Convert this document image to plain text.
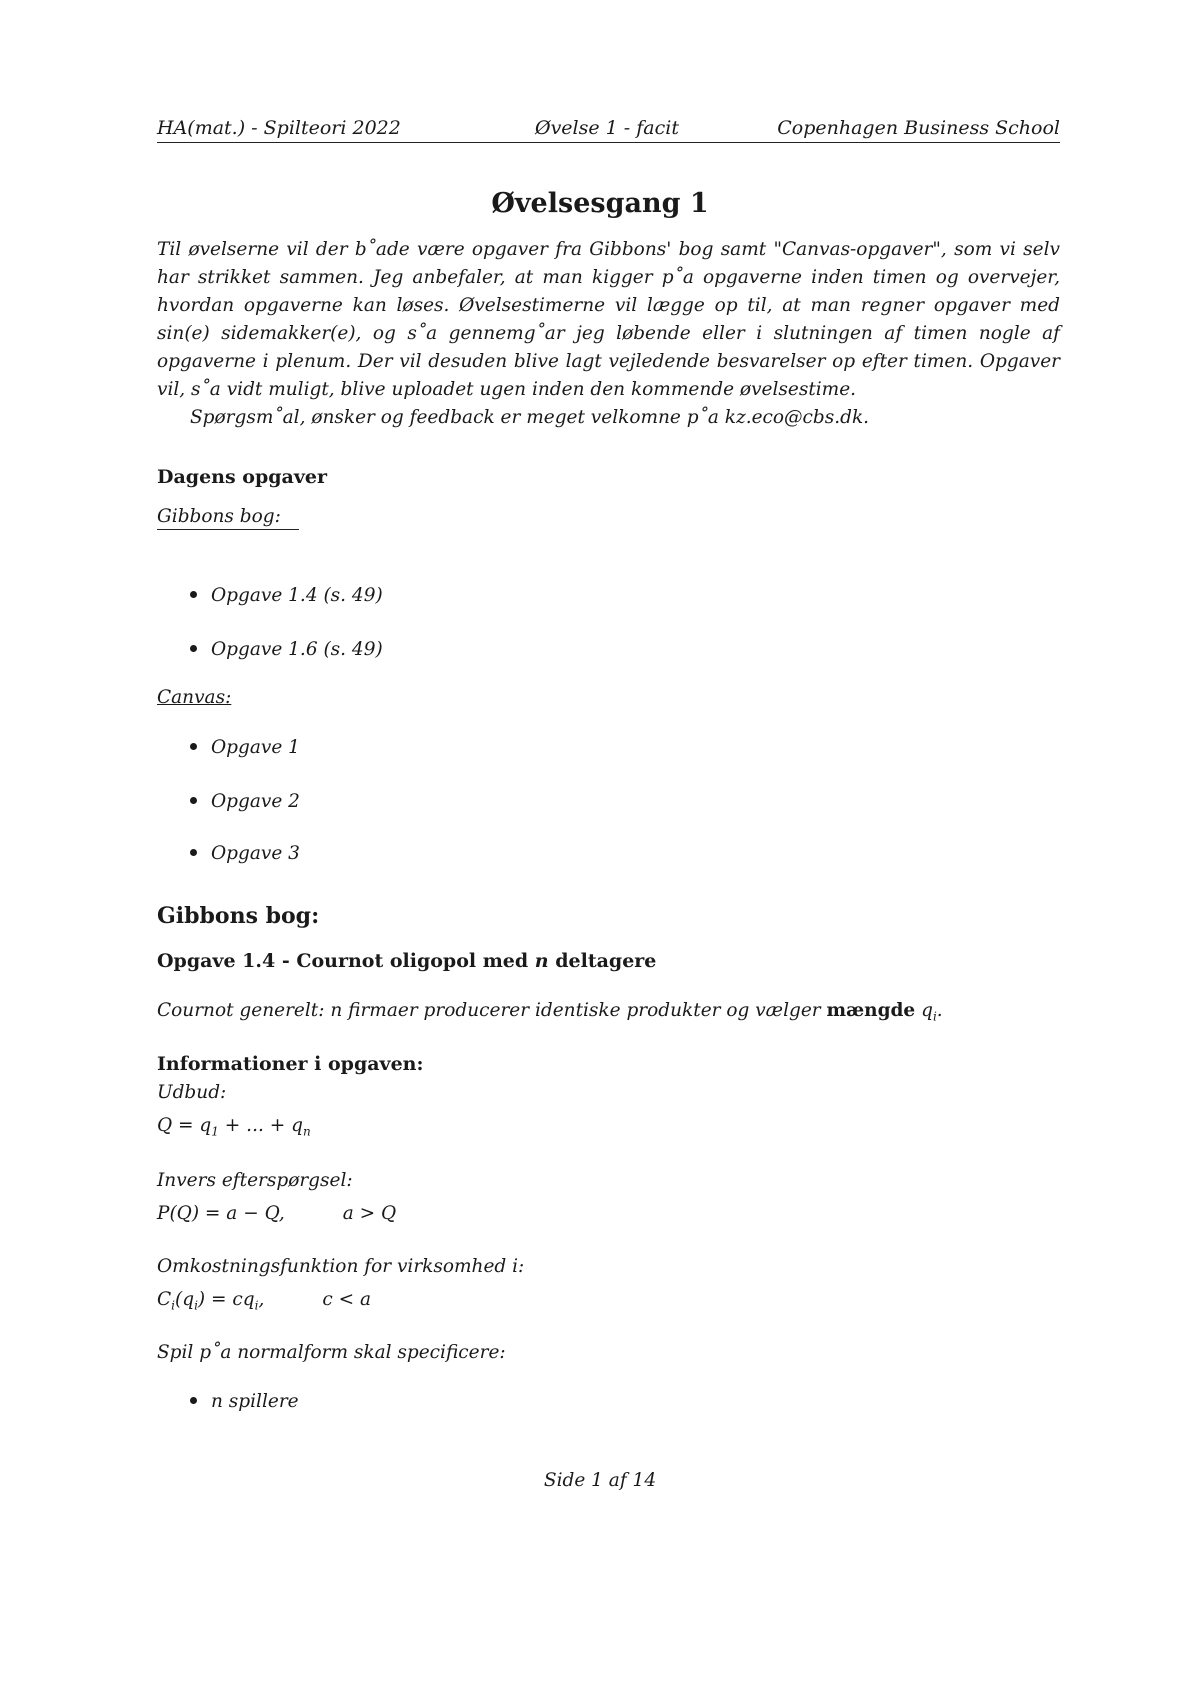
HA(mat.) - Spilteori 2022	Øvelse 1 - facit	Copenhagen Business School
Øvelsesgang 1

Til øvelserne vil der b˚ade være opgaver fra Gibbons' bog samt "Canvas-opgaver", som vi selv har strikket sammen. Jeg anbefaler, at man kigger p˚a opgaverne inden timen og overvejer, hvordan opgaverne kan løses. Øvelsestimerne vil lægge op til, at man regner opgaver med sin(e) sidemakker(e), og s˚a gennemg˚ar jeg løbende eller i slutningen af timen nogle af opgaverne i plenum. Der vil desuden blive lagt vejledende besvarelser op efter timen. Opgaver vil, s˚a vidt muligt, blive uploadet ugen inden den kommende øvelsestime.

Spørgsm˚al, ønsker og feedback er meget velkomne p˚a kz.eco@cbs.dk.

Dagens opgaver
Gibbons bog:
Opgave 1.4 (s. 49)
Opgave 1.6 (s. 49)
Canvas:
Opgave 1
Opgave 2
Opgave 3
Gibbons bog:
Opgave 1.4 - Cournot oligopol med n deltagere
Cournot generelt: n firmaer producerer identiske produkter og vælger mængde $q_i$.
Informationer i opgaven:
Udbud:
$Q = q_1$ + ... + $q_n$
Invers efterspørgsel:
P(Q) = a − Q,	a > Q
Omkostningsfunktion for virksomhed i:
$C_i(q_i) = cq_i$,	c < a
Spil p˚a normalform skal specificere:
n spillere
Side 1 af 14
